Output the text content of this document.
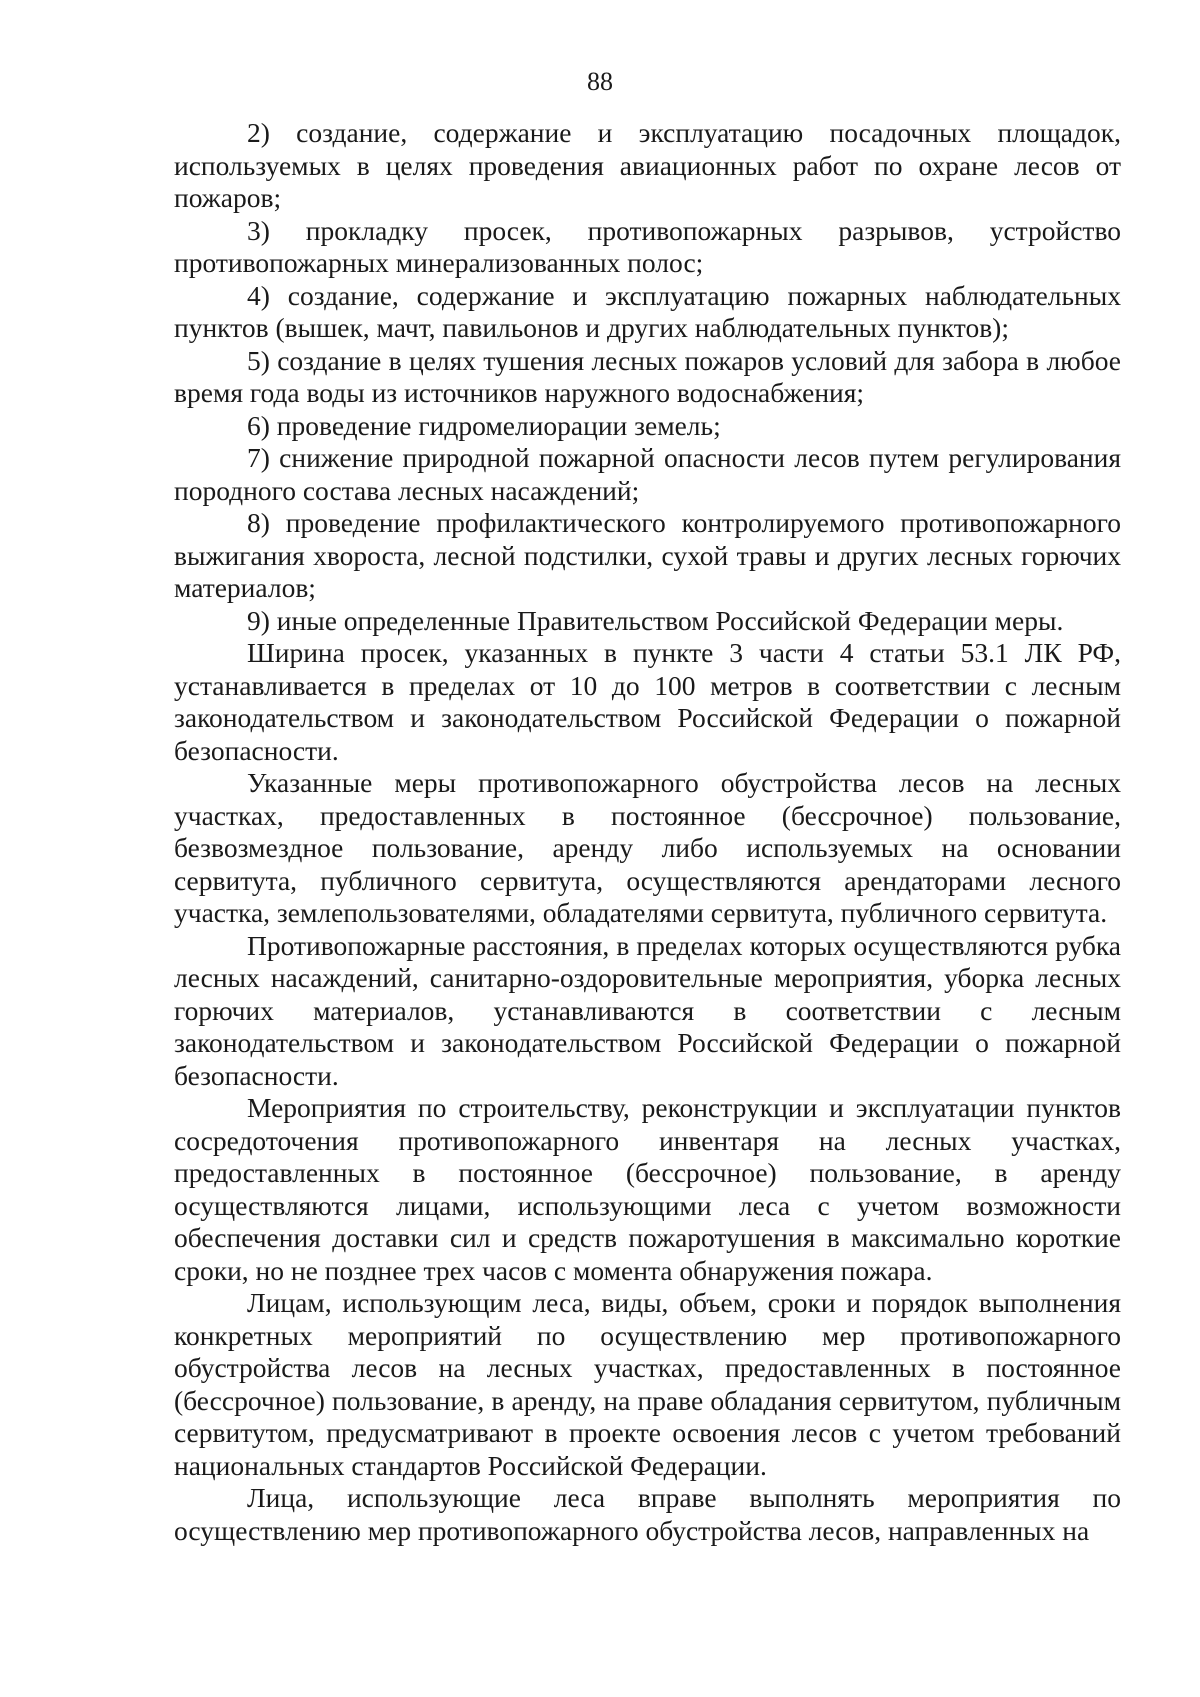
88

2) создание, содержание и эксплуатацию посадочных площадок, используемых в целях проведения авиационных работ по охране лесов от пожаров;

3) прокладку просек, противопожарных разрывов, устройство противопожарных минерализованных полос;

4) создание, содержание и эксплуатацию пожарных наблюдательных пунктов (вышек, мачт, павильонов и других наблюдательных пунктов);

5) создание в целях тушения лесных пожаров условий для забора в любое время года воды из источников наружного водоснабжения;

6) проведение гидромелиорации земель;

7) снижение природной пожарной опасности лесов путем регулирования породного состава лесных насаждений;

8) проведение профилактического контролируемого противопожарного выжигания хвороста, лесной подстилки, сухой травы и других лесных горючих материалов;

9) иные определенные Правительством Российской Федерации меры.

Ширина просек, указанных в пункте 3 части 4 статьи 53.1 ЛК РФ, устанавливается в пределах от 10 до 100 метров в соответствии с лесным законодательством и законодательством Российской Федерации о пожарной безопасности.

Указанные меры противопожарного обустройства лесов на лесных участках, предоставленных в постоянное (бессрочное) пользование, безвозмездное пользование, аренду либо используемых на основании сервитута, публичного сервитута, осуществляются арендаторами лесного участка, землепользователями, обладателями сервитута, публичного сервитута.

Противопожарные расстояния, в пределах которых осуществляются рубка лесных насаждений, санитарно-оздоровительные мероприятия, уборка лесных горючих материалов, устанавливаются в соответствии с лесным законодательством и законодательством Российской Федерации о пожарной безопасности.

Мероприятия по строительству, реконструкции и эксплуатации пунктов сосредоточения противопожарного инвентаря на лесных участках, предоставленных в постоянное (бессрочное) пользование, в аренду осуществляются лицами, использующими леса с учетом возможности обеспечения доставки сил и средств пожаротушения в максимально короткие сроки, но не позднее трех часов с момента обнаружения пожара.

Лицам, использующим леса, виды, объем, сроки и порядок выполнения конкретных мероприятий по осуществлению мер противопожарного обустройства лесов на лесных участках, предоставленных в постоянное (бессрочное) пользование, в аренду, на праве обладания сервитутом, публичным сервитутом, предусматривают в проекте освоения лесов с учетом требований национальных стандартов Российской Федерации.

Лица, использующие леса вправе выполнять мероприятия по осуществлению мер противопожарного обустройства лесов, направленных на
